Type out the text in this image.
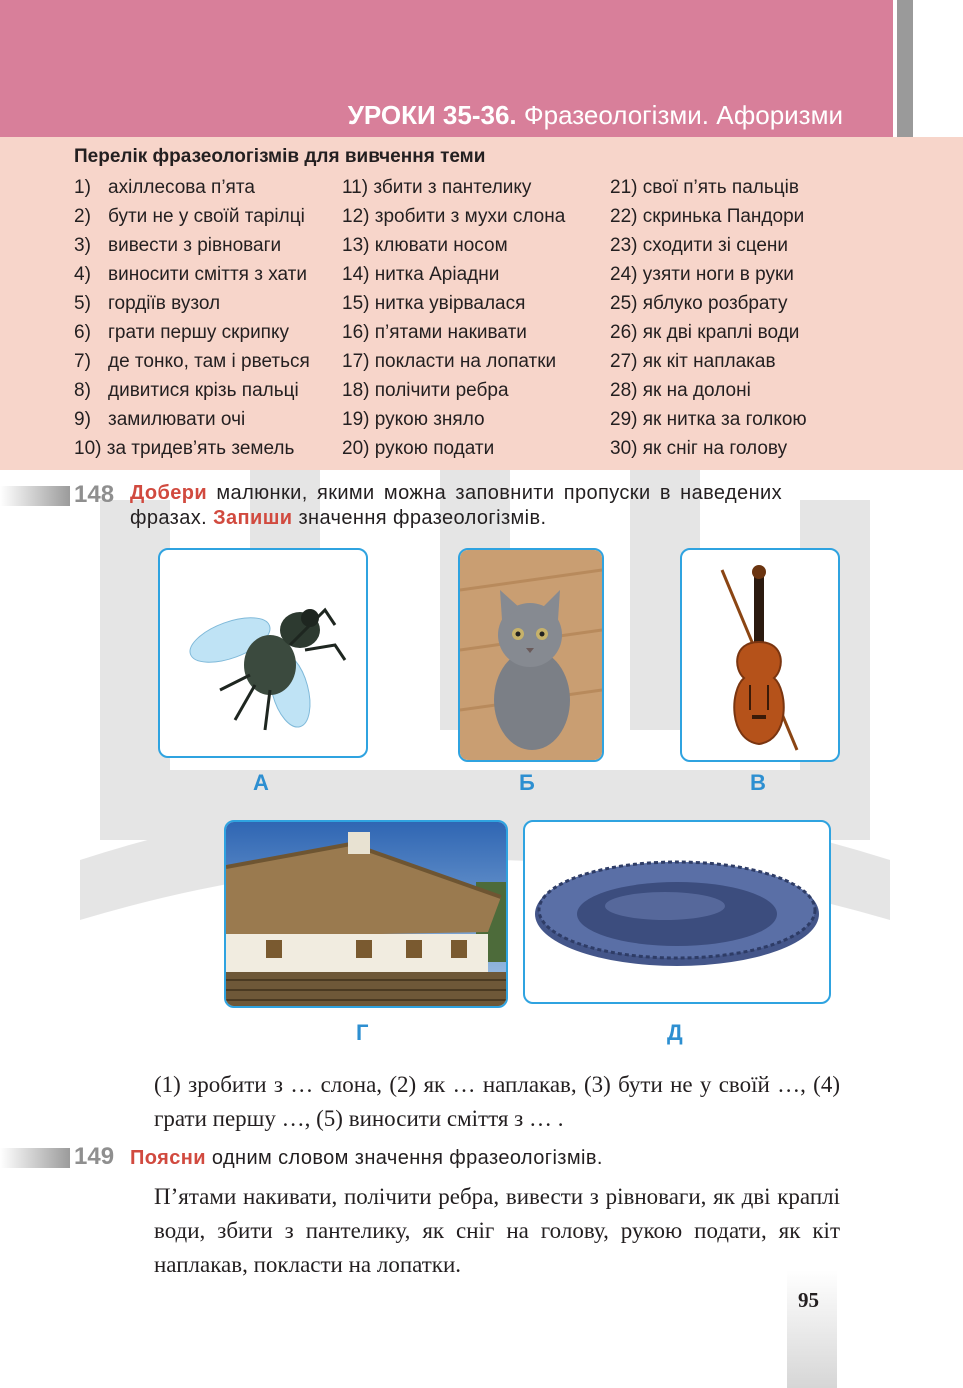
УРОКИ 35-36. Фразеологізми. Афоризми
Перелік фразеологізмів для вивчення теми
1) ахіллесова п’ята
2) бути не у своїй тарілці
3) вивести з рівноваги
4) виносити сміття з хати
5) гордіїв вузол
6) грати першу скрипку
7) де тонко, там і рветься
8) дивитися крізь пальці
9) замилювати очі
10) за тридев’ять земель
11) збити з пантелику
12) зробити з мухи слона
13) клювати носом
14) нитка Аріадни
15) нитка увірвалася
16) п’ятами накивати
17) покласти на лопатки
18) полічити ребра
19) рукою зняло
20) рукою подати
21) свої п’ять пальців
22) скринька Пандори
23) сходити зі сцени
24) узяти ноги в руки
25) яблуко розбрату
26) як дві краплі води
27) як кіт наплакав
28) як на долоні
29) як нитка за голкою
30) як сніг на голову
148 Добери малюнки, якими можна заповнити пропуски в наведених фразах. Запиши значення фразеологізмів.
А	Б	В
Г	Д
(1) зробити з … слона, (2) як … наплакав, (3) бути не у своїй …, (4) грати першу …, (5) виносити сміття з … .
149 Поясни одним словом значення фразеологізмів.
П’ятами накивати, полічити ребра, вивести з рівноваги, як дві краплі води, збити з пантелику, як сніг на голову, рукою подати, як кіт наплакав, покласти на лопатки.
95
